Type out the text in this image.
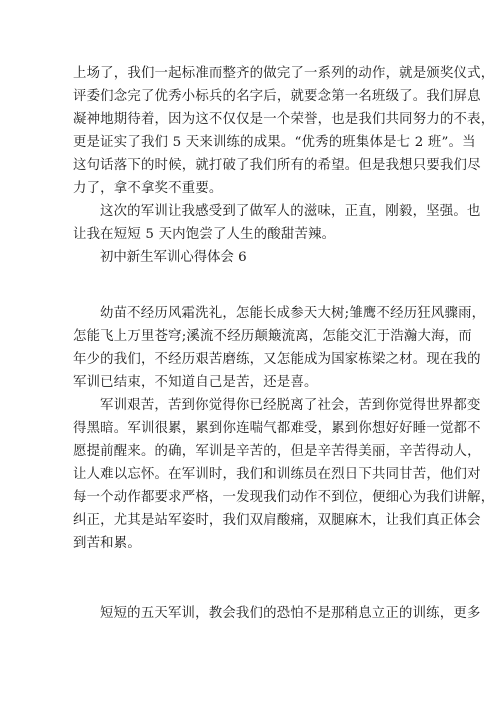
上场了，我们一起标准而整齐的做完了一系列的动作，就是颁奖仪式，
评委们念完了优秀小标兵的名字后，就要念第一名班级了。我们屏息
凝神地期待着，因为这不仅仅是一个荣誉，也是我们共同努力的不表，
更是证实了我们 5 天来训练的成果。“优秀的班集体是七 2 班”。当
这句话落下的时候，就打破了我们所有的希望。但是我想只要我们尽
力了，拿不拿奖不重要。

这次的军训让我感受到了做军人的滋味，正直，刚毅，坚强。也
让我在短短 5 天内饱尝了人生的酸甜苦辣。

初中新生军训心得体会 6

幼苗不经历风霜洗礼，怎能长成参天大树;雏鹰不经历狂风骤雨，
怎能飞上万里苍穹;溪流不经历颠簸流离，怎能交汇于浩瀚大海，而
年少的我们，不经历艰苦磨练，又怎能成为国家栋梁之材。现在我的
军训已结束，不知道自己是苦，还是喜。

军训艰苦，苦到你觉得你已经脱离了社会，苦到你觉得世界都变
得黑暗。军训很累，累到你连喘气都难受，累到你想好好睡一觉都不
愿提前醒来。的确，军训是辛苦的，但是辛苦得美丽，辛苦得动人，
让人难以忘怀。在军训时，我们和训练员在烈日下共同甘苦，他们对
每一个动作都要求严格，一发现我们动作不到位，便细心为我们讲解，
纠正，尤其是站军姿时，我们双肩酸痛，双腿麻木，让我们真正体会
到苦和累。

短短的五天军训，教会我们的恐怕不是那稍息立正的训练，更多
